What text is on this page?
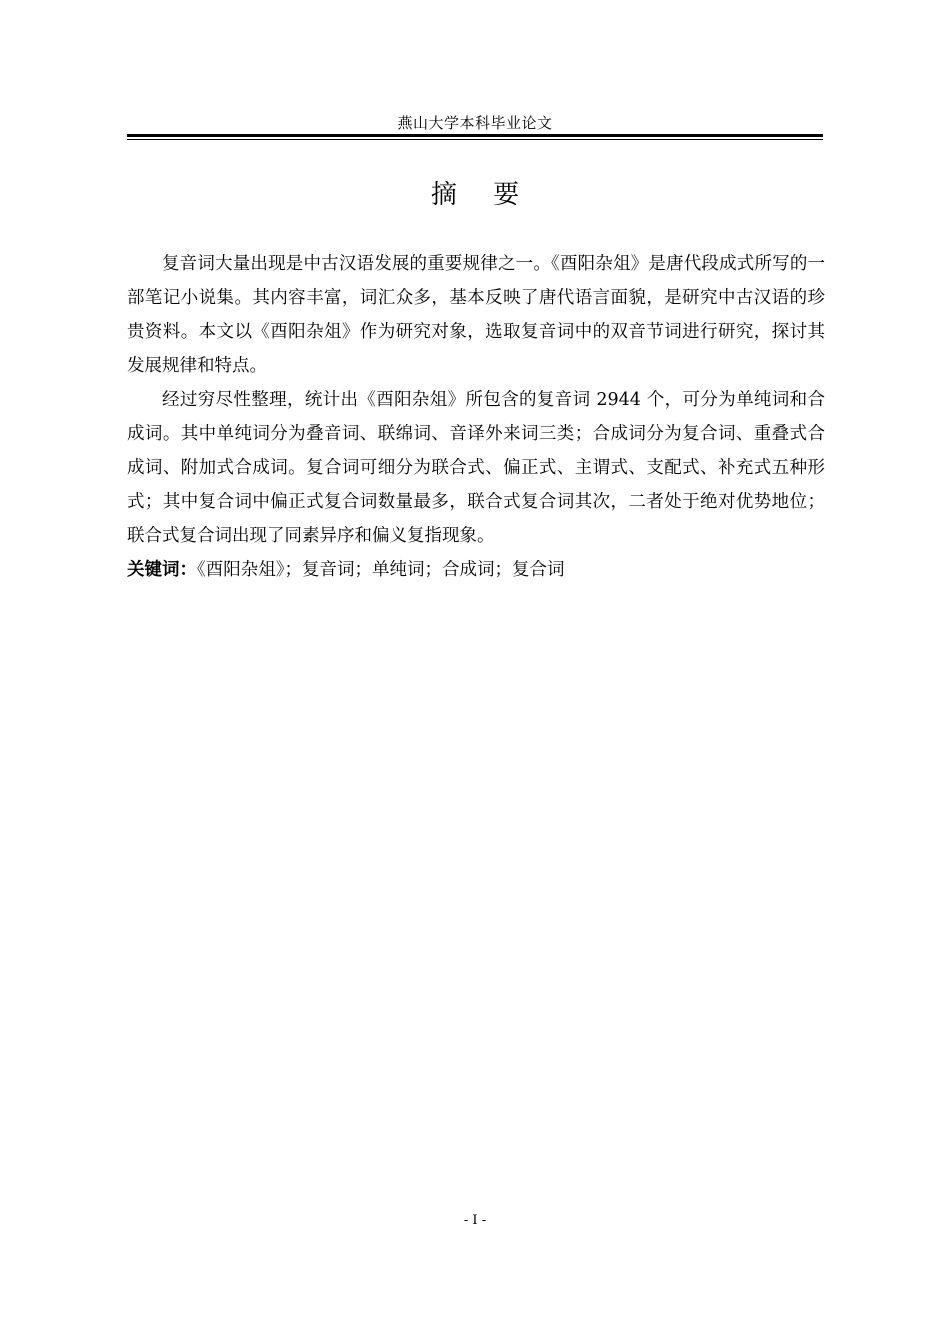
燕山大学本科毕业论文
摘 要

复音词大量出现是中古汉语发展的重要规律之一。《酉阳杂俎》是唐代段成式所写的一部笔记小说集。其内容丰富，词汇众多，基本反映了唐代语言面貌，是研究中古汉语的珍贵资料。本文以《酉阳杂俎》作为研究对象，选取复音词中的双音节词进行研究，探讨其发展规律和特点。

经过穷尽性整理，统计出《酉阳杂俎》所包含的复音词 2944 个，可分为单纯词和合成词。其中单纯词分为叠音词、联绵词、音译外来词三类；合成词分为复合词、重叠式合成词、附加式合成词。复合词可细分为联合式、偏正式、主谓式、支配式、补充式五种形式；其中复合词中偏正式复合词数量最多，联合式复合词其次，二者处于绝对优势地位；联合式复合词出现了同素异序和偏义复指现象。

关键词：《酉阳杂俎》；复音词；单纯词；合成词；复合词

- I -
